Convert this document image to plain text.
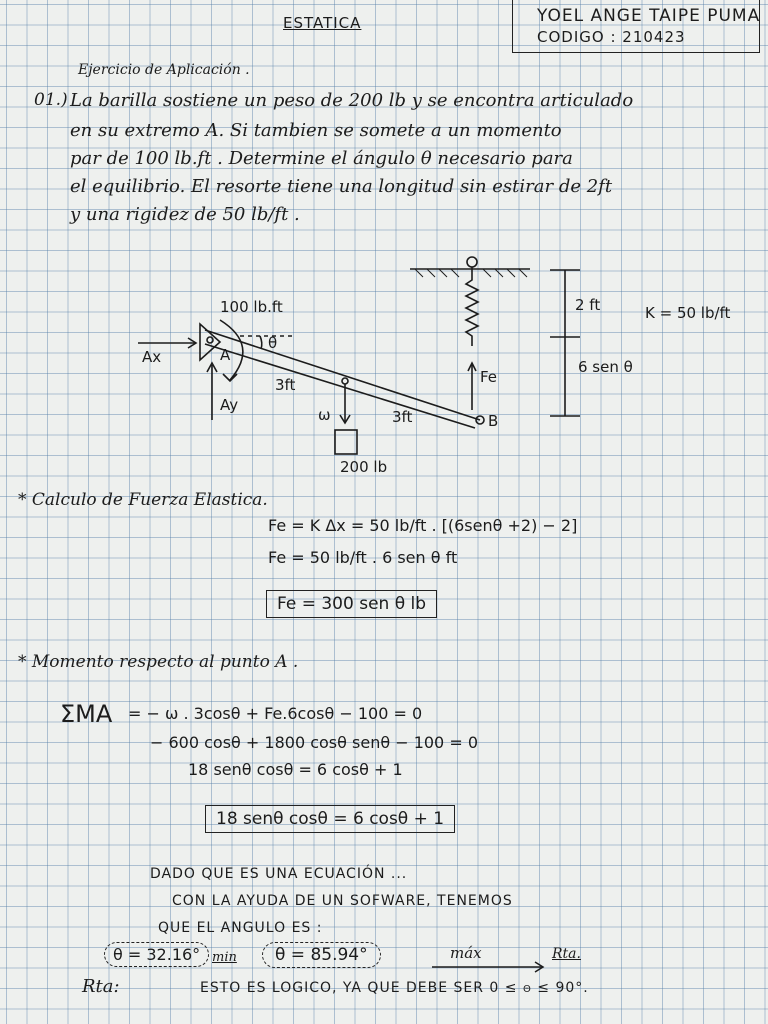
ESTATICA	YOEL ANGE TAIPE PUMA
CODIGO : 210423
Ejercicio de Aplicación .
01.) La barilla sostiene un peso de 200 lb y se encontra articulado
en su extremo A. Si tambien se somete a un momento
par de 100 lb.ft . Determine el ángulo θ necesario para
el equilibrio. El resorte tiene una longitud sin estirar de 2ft
y una rigidez de 50 lb/ft .
100 lb.ft
Ax	A
Ay
θ
3ft
3ft	B
ω
200 lb
Fe
2 ft
6 sen θ
K = 50 lb/ft
* Calculo de Fuerza Elastica.
Fe = K Δx = 50 lb/ft . [(6senθ +2) − 2]
Fe = 50 lb/ft . 6 sen θ ft
Fe = 300 sen θ lb
* Momento respecto al punto A .
ΣMA = − ω . 3cosθ + Fe.6cosθ − 100 = 0
− 600 cosθ + 1800 cosθ senθ − 100 = 0
18 senθ cosθ = 6 cosθ + 1
18 senθ cosθ = 6 cosθ + 1
DADO QUE ES UNA ECUACIÓN ...
CON LA AYUDA DE UN SOFWARE, TENEMOS
QUE EL ANGULO ES :
θ = 32.16° min	θ = 85.94°	máx	Rta.
Rta:	ESTO ES LOGICO, YA QUE DEBE SER 0 ≤ θ ≤ 90°.
